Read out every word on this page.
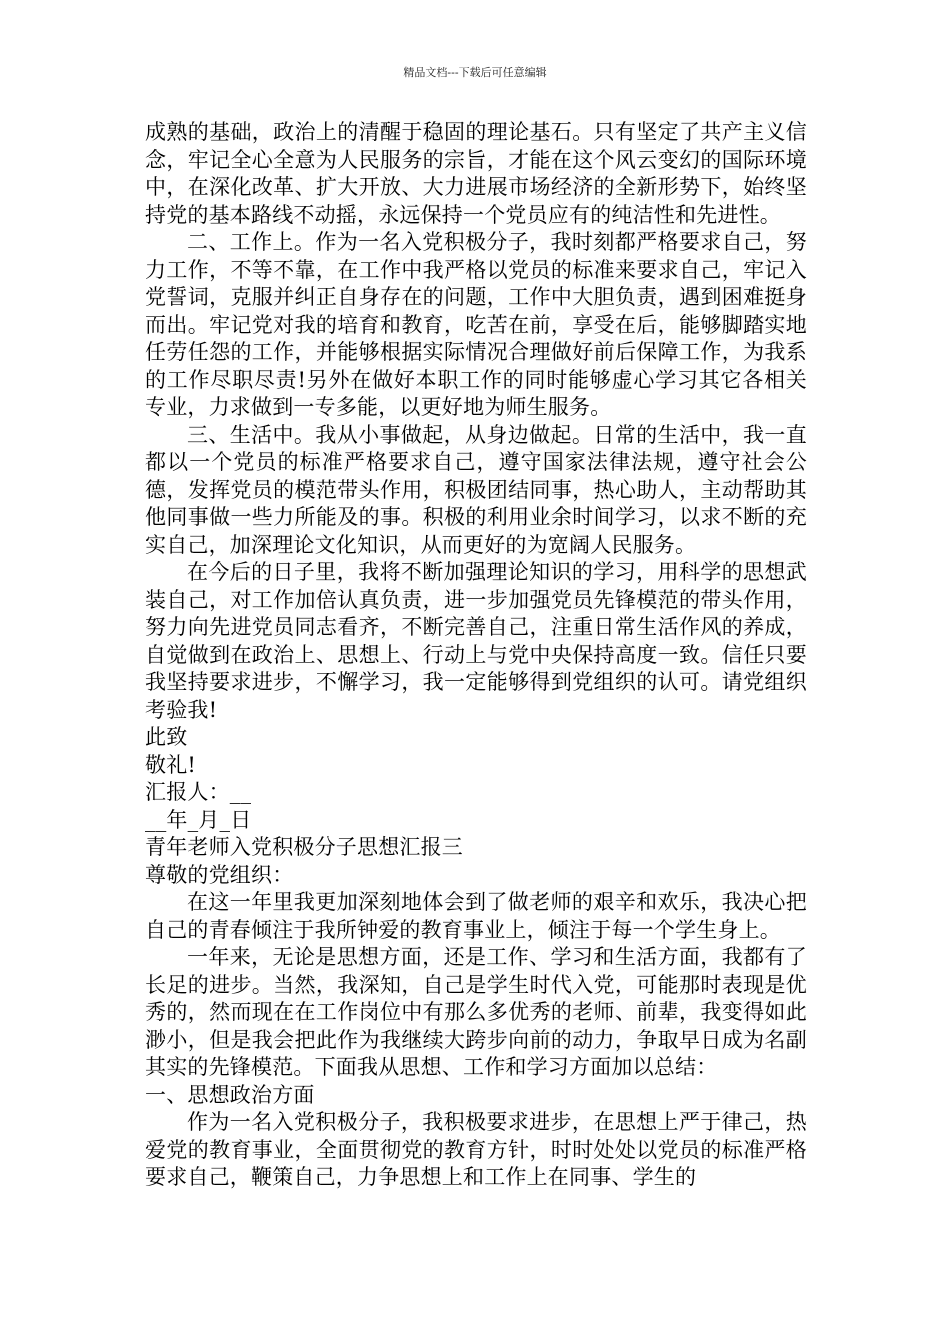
精品文档---下载后可任意编辑

成熟的基础，政治上的清醒于稳固的理论基石。只有坚定了共产主义信念，牢记全心全意为人民服务的宗旨，才能在这个风云变幻的国际环境中，在深化改革、扩大开放、大力进展市场经济的全新形势下，始终坚持党的基本路线不动摇，永远保持一个党员应有的纯洁性和先进性。

二、工作上。作为一名入党积极分子，我时刻都严格要求自己，努力工作，不等不靠，在工作中我严格以党员的标准来要求自己，牢记入党誓词，克服并纠正自身存在的问题，工作中大胆负责，遇到困难挺身而出。牢记党对我的培育和教育，吃苦在前，享受在后，能够脚踏实地任劳任怨的工作，并能够根据实际情况合理做好前后保障工作，为我系的工作尽职尽责!另外在做好本职工作的同时能够虚心学习其它各相关专业，力求做到一专多能，以更好地为师生服务。

三、生活中。我从小事做起，从身边做起。日常的生活中，我一直都以一个党员的标准严格要求自己，遵守国家法律法规，遵守社会公德，发挥党员的模范带头作用，积极团结同事，热心助人，主动帮助其他同事做一些力所能及的事。积极的利用业余时间学习，以求不断的充实自己，加深理论文化知识，从而更好的为宽阔人民服务。

在今后的日子里，我将不断加强理论知识的学习，用科学的思想武装自己，对工作加倍认真负责，进一步加强党员先锋模范的带头作用，努力向先进党员同志看齐，不断完善自己，注重日常生活作风的养成，自觉做到在政治上、思想上、行动上与党中央保持高度一致。信任只要我坚持要求进步，不懈学习，我一定能够得到党组织的认可。请党组织考验我!

此致

敬礼!

汇报人：__

__年_月_日

青年老师入党积极分子思想汇报三

尊敬的党组织：

在这一年里我更加深刻地体会到了做老师的艰辛和欢乐，我决心把自己的青春倾注于我所钟爱的教育事业上，倾注于每一个学生身上。

一年来，无论是思想方面，还是工作、学习和生活方面，我都有了长足的进步。当然，我深知，自己是学生时代入党，可能那时表现是优秀的，然而现在在工作岗位中有那么多优秀的老师、前辈，我变得如此渺小，但是我会把此作为我继续大跨步向前的动力，争取早日成为名副其实的先锋模范。下面我从思想、工作和学习方面加以总结：

一、思想政治方面

作为一名入党积极分子，我积极要求进步，在思想上严于律己，热爱党的教育事业，全面贯彻党的教育方针，时时处处以党员的标准严格要求自己，鞭策自己，力争思想上和工作上在同事、学生的
